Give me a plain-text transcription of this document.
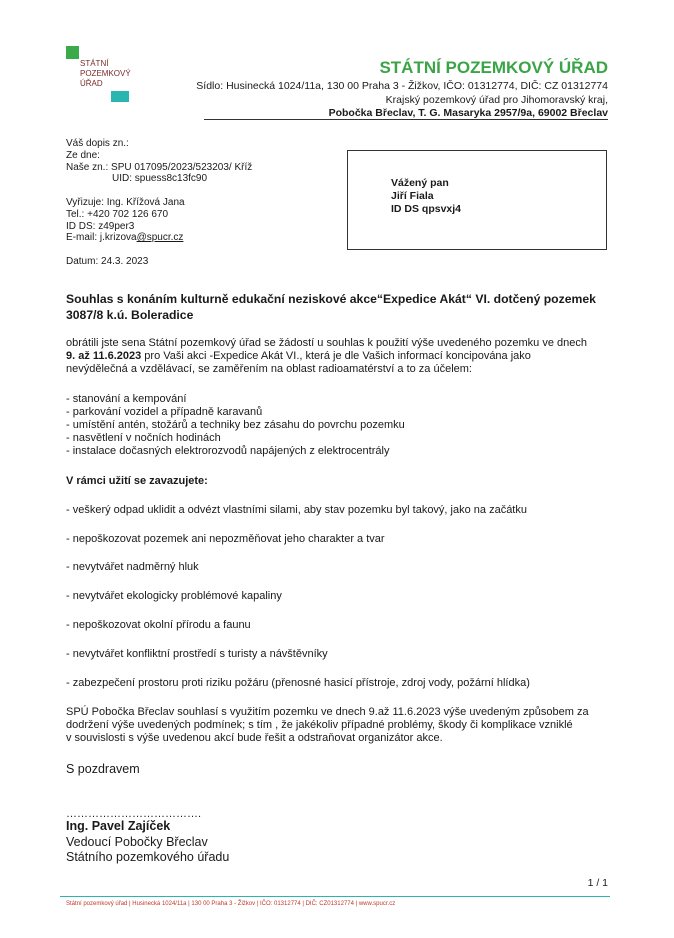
STÁTNÍ
POZEMKOVÝ
ÚŘAD
STÁTNÍ POZEMKOVÝ ÚŘAD
Sídlo: Husinecká 1024/11a, 130 00 Praha 3 - Žižkov, IČO: 01312774, DIČ: CZ 01312774
Krajský pozemkový úřad pro Jihomoravský kraj,
Pobočka Břeclav, T. G. Masaryka 2957/9a, 69002 Břeclav
Váš dopis zn.:
Ze dne:
Naše zn.: SPU 017095/2023/523203/ Kříž
UID: spuess8c13fc90
Vyřizuje: Ing. Křížová Jana
Tel.: +420 702 126 670
ID DS: z49per3
E-mail: j.krizova@spucr.cz
Datum: 24.3. 2023
Vážený pan
Jiří Fiala
ID DS qpsvxj4
Souhlas s konáním kulturně edukační neziskové akce“Expedice Akát“ VI. dotčený pozemek 3087/8 k.ú. Boleradice
obrátili jste sena Státní pozemkový úřad se žádostí u souhlas k použití výše uvedeného pozemku ve dnech
9. až 11.6.2023 pro Vaši akci -Expedice Akát VI., která je dle Vašich informací koncipována jako
nevýdělečná a vzdělávací, se zaměřením na oblast radioamatérství a to za účelem:
- stanování a kempování
- parkování vozidel a případně karavanů
- umístění antén, stožárů a techniky bez zásahu do povrchu pozemku
- nasvětlení v nočních hodinách
- instalace dočasných elektrorozvodů napájených z elektrocentrály
V rámci užití se zavazujete:
- veškerý odpad uklidit a odvézt vlastními silami, aby stav pozemku byl takový, jako na začátku
- nepoškozovat pozemek ani nepozměňovat jeho charakter a tvar
- nevytvářet nadměrný hluk
- nevytvářet ekologicky problémové kapaliny
- nepoškozovat okolní přírodu a faunu
- nevytvářet konfliktní prostředí s turisty a návštěvníky
- zabezpečení prostoru proti riziku požáru (přenosné hasicí přístroje, zdroj vody, požární hlídka)
SPÚ Pobočka Břeclav souhlasí s využitím pozemku ve dnech 9.až 11.6.2023 výše uvedeným způsobem za
dodržení výše uvedených podmínek; s tím , že jakékoliv případné problémy, škody či komplikace vzniklé
v souvislosti s výše uvedenou akcí bude řešit a odstraňovat organizátor akce.
S pozdravem
……………………………….
Ing. Pavel Zajíček
Vedoucí Pobočky Břeclav
Státního pozemkového úřadu
1 / 1
Státní pozemkový úřad | Husinecká 1024/11a | 130 00 Praha 3 - Žižkov | IČO: 01312774 | DIČ: CZ01312774 | www.spucr.cz
